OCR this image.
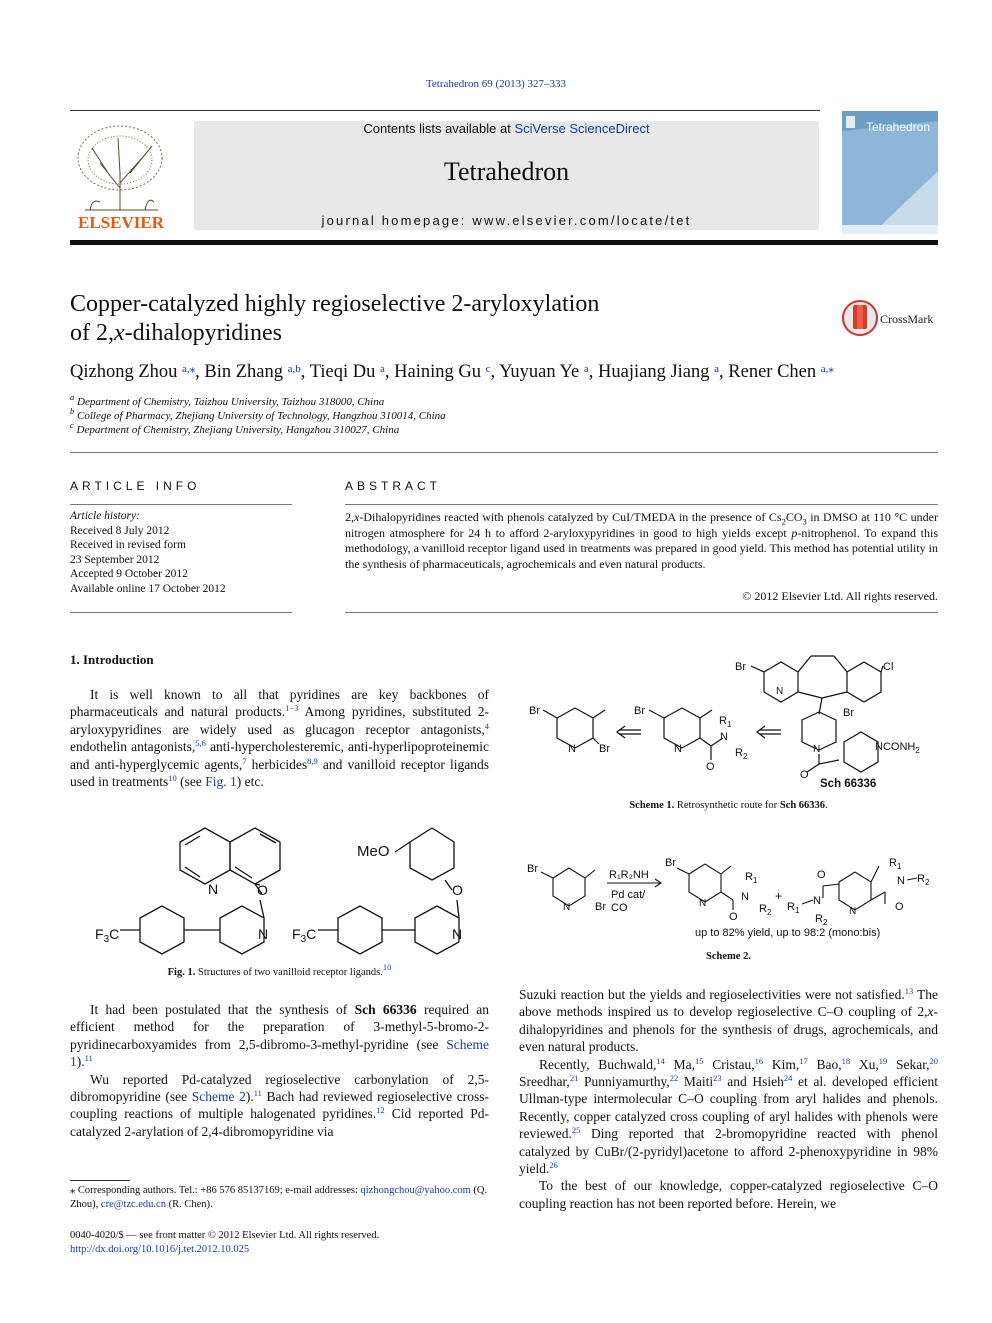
Tetrahedron 69 (2013) 327–333
ELSEVIER
Contents lists available at SciVerse ScienceDirect
Tetrahedron
journal homepage: www.elsevier.com/locate/tet
Tetrahedron
Copper-catalyzed highly regioselective 2-aryloxylation
of 2,x-dihalopyridines
CrossMark
Qizhong Zhou $^{a,⁎}$, Bin Zhang $^{a,b}$, Tieqi Du $^a$, Haining Gu $^c$, Yuyuan Ye $^a$, Huajiang Jiang $^a$, Rener Chen $^{a,⁎}$
$^a$ Department of Chemistry, Taizhou University, Taizhou 318000, China
$^b$ College of Pharmacy, Zhejiang University of Technology, Hangzhou 310014, China
$^c$ Department of Chemistry, Zhejiang University, Hangzhou 310027, China
ARTICLE INFO
Article history:
Received 8 July 2012
Received in revised form
23 September 2012
Accepted 9 October 2012
Available online 17 October 2012
ABSTRACT
2,x-Dihalopyridines reacted with phenols catalyzed by CuI/TMEDA in the presence of $Cs_2CO_3$ in DMSO at 110 °C under nitrogen atmosphere for 24 h to afford 2-aryloxypyridines in good to high yields except p-nitrophenol. To expand this methodology, a vanilloid receptor ligand used in treatments was prepared in good yield. This method has potential utility in the synthesis of pharmaceuticals, agrochemicals and even natural products.
© 2012 Elsevier Ltd. All rights reserved.
1. Introduction

It is well known to all that pyridines are key backbones of pharmaceuticals and natural products.$^{1-3}$ Among pyridines, substituted 2-aryloxypyridines are widely used as glucagon receptor antagonists,$^4$ endothelin antagonists,$^{5,6}$ anti-hypercholesteremic, anti-hyperlipoproteinemic and anti-hyperglycemic agents,$^7$ herbicides$^{8,9}$ and vanilloid receptor ligands used in treatments$^{10}$ (see Fig. 1) etc.

N	O
N
$F_3C$
MeO
O
N
$F_3C$
Fig. 1. Structures of two vanilloid receptor ligands.$^{10}$

It had been postulated that the synthesis of Sch 66336 required an efficient method for the preparation of 3-methyl-5-bromo-2-pyridinecarboxyamides from 2,5-dibromo-3-methyl-pyridine (see Scheme 1).$^{11}$

Wu reported Pd-catalyzed regioselective carbonylation of 2,5-dibromopyridine (see Scheme 2).$^{11}$ Bach had reviewed regioselective cross-coupling reactions of multiple halogenated pyridines.$^{12}$ Cid reported Pd-catalyzed 2-arylation of 2,4-dibromopyridine via

⁎ Corresponding authors. Tel.: +86 576 85137169; e-mail addresses: qizhongchou@yahoo.com (Q. Zhou), cre@tzc.edu.cn (R. Chen).
0040-4020/$ — see front matter © 2012 Elsevier Ltd. All rights reserved.
http://dx.doi.org/10.1016/j.tet.2012.10.025
Br
N Br
Br
N
O
N
$R_1$
$R_2$
Br
N
Cl
Br
N
O
$NCONH_2$
Sch 66336
Scheme 1. Retrosynthetic route for Sch 66336.
Br
N Br
R₁R₂NH
Pd cat/
CO
Br
N
O
N
$R_1$
$R_2$
+
$R_1$
N
$R_2$
O
N	O
N $R_2$
$R_1$
up to 82% yield, up to 98:2 (mono:bis)
Scheme 2.

Suzuki reaction but the yields and regioselectivities were not satisfied.$^{13}$ The above methods inspired us to develop regioselective C–O coupling of 2,x-dihalopyridines and phenols for the synthesis of drugs, agrochemicals, and even natural products.

Recently, Buchwald,$^{14}$ Ma,$^{15}$ Cristau,$^{16}$ Kim,$^{17}$ Bao,$^{18}$ Xu,$^{19}$ Sekar,$^{20}$ Sreedhar,$^{21}$ Punniyamurthy,$^{22}$ Maiti$^{23}$ and Hsieh$^{24}$ et al. developed efficient Ullman-type intermolecular C–O coupling from aryl halides and phenols. Recently, copper catalyzed cross coupling of aryl halides with phenols were reviewed.$^{25}$ Ding reported that 2-bromopyridine reacted with phenol catalyzed by CuBr/(2-pyridyl)acetone to afford 2-phenoxypyridine in 98% yield.$^{26}$

To the best of our knowledge, copper-catalyzed regioselective C–O coupling reaction has not been reported before. Herein, we
